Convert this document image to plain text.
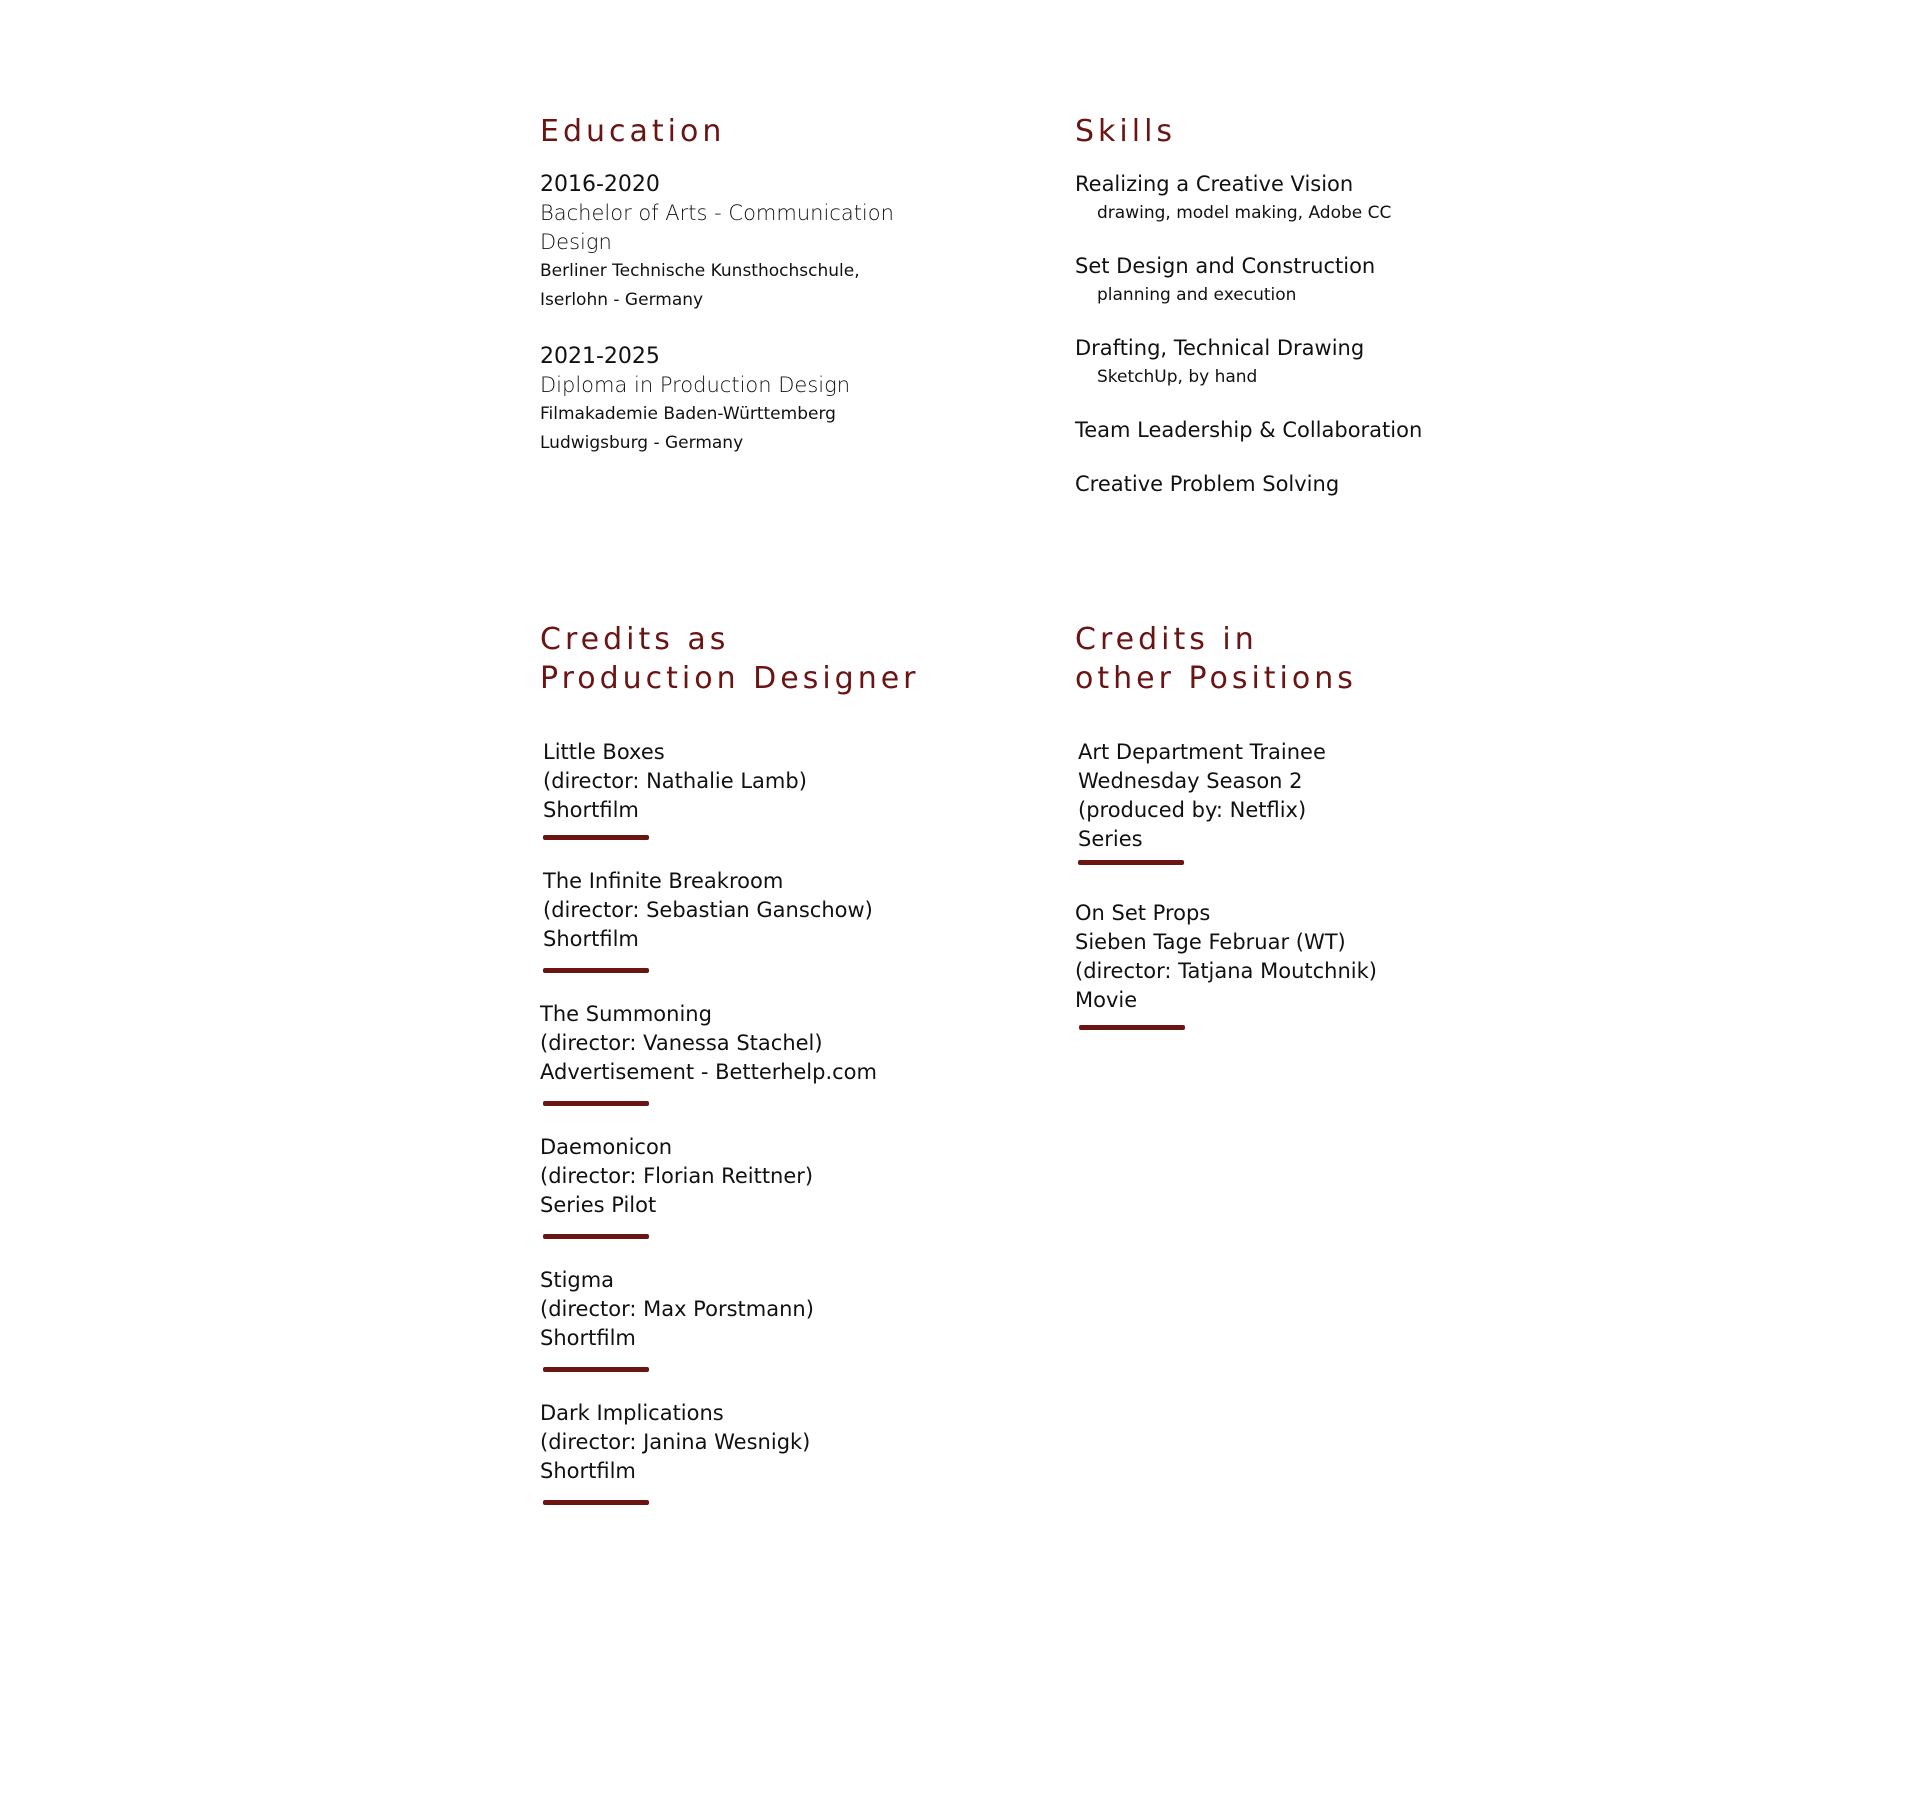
Education
2016-2020
Bachelor of Arts - Communication
Design
Berliner Technische Kunsthochschule,
Iserlohn - Germany
2021-2025
Diploma in Production Design
Filmakademie Baden-Württemberg
Ludwigsburg - Germany
Skills
Realizing a Creative Vision
drawing, model making, Adobe CC
Set Design and Construction
planning and execution
Drafting, Technical Drawing
SketchUp, by hand
Team Leadership & Collaboration
Creative Problem Solving
Credits as
Production Designer
Little Boxes
(director: Nathalie Lamb)
Shortfilm
The Infinite Breakroom
(director: Sebastian Ganschow)
Shortfilm
The Summoning
(director: Vanessa Stachel)
Advertisement - Betterhelp.com
Daemonicon
(director: Florian Reittner)
Series Pilot
Stigma
(director: Max Porstmann)
Shortfilm
Dark Implications
(director: Janina Wesnigk)
Shortfilm
Credits in
other Positions
Art Department Trainee
Wednesday Season 2
(produced by: Netflix)
Series
On Set Props
Sieben Tage Februar (WT)
(director: Tatjana Moutchnik)
Movie
